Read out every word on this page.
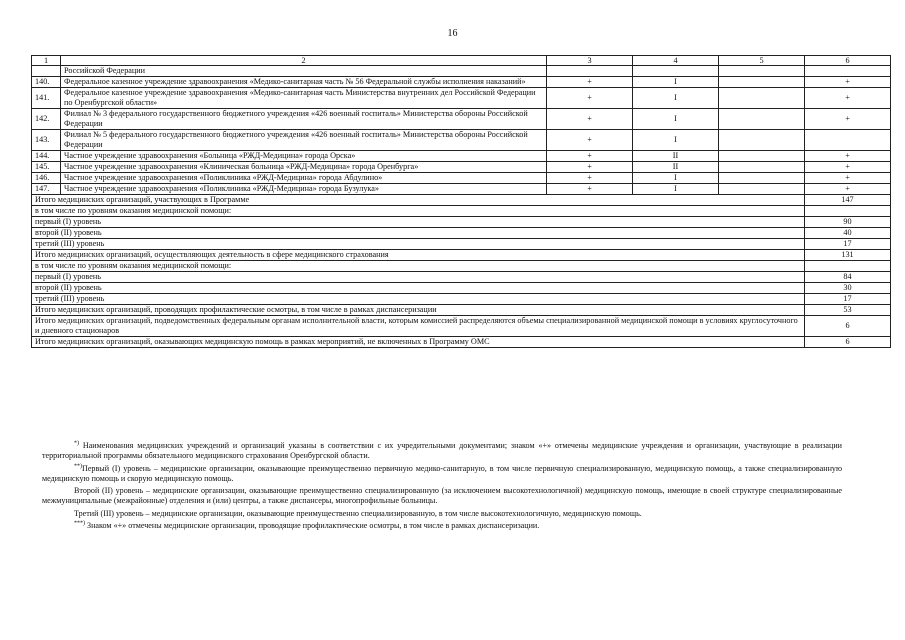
16
1	2	3	4	5	6
	Российской Федерации				
140.	Федеральное казенное учреждение здравоохранения «Медико-санитарная часть № 56 Федеральной службы исполнения наказаний»	+	I		+
141.	Федеральное казенное учреждение здравоохранения «Медико-санитарная часть Министерства внутренних дел Российской Федерации по Оренбургской области»	+	I		+
142.	Филиал № 3 федерального государственного бюджетного учреждения «426 военный госпиталь» Министерства обороны Российской Федерации	+	I		+
143.	Филиал № 5 федерального государственного бюджетного учреждения «426 военный госпиталь» Министерства обороны Российской Федерации	+	I		
144.	Частное учреждение здравоохранения «Больница «РЖД-Медицина» города Орска»	+	II		+
145.	Частное учреждение здравоохранения «Клиническая больница «РЖД-Медицина» города Оренбурга»	+	II		+
146.	Частное учреждение здравоохранения «Поликлиника «РЖД-Медицина» города Абдулино»	+	I		+
147.	Частное учреждение здравоохранения «Поликлиника «РЖД-Медицина» города Бузулука»	+	I		+
Итого медицинских организаций, участвующих в Программе					147
в том числе по уровням оказания медицинской помощи:					
первый (I) уровень					90
второй (II) уровень					40
третий (III) уровень					17
Итого медицинских организаций, осуществляющих деятельность в сфере медицинского страхования					131
в том числе по уровням оказания медицинской помощи:					
первый (I) уровень					84
второй (II) уровень					30
третий (III) уровень					17
Итого медицинских организаций, проводящих профилактические осмотры, в том числе в рамках диспансеризации					53
Итого медицинских организаций, подведомственных федеральным органам исполнительной власти, которым комиссией распределяются объемы специализированной медицинской помощи в условиях круглосуточного и дневного стационаров					6
Итого медицинских организаций, оказывающих медицинскую помощь в рамках мероприятий, не включенных в Программу ОМС					6

*) Наименования медицинских учреждений и организаций указаны в соответствии с их учредительными документами; знаком «+» отмечены медицинские учреждения и организации, участвующие в реализации территориальной программы обязательного медицинского страхования Оренбургской области.

**)Первый (I) уровень – медицинские организации, оказывающие преимущественно первичную медико-санитарную, в том числе первичную специализированную, медицинскую помощь, а также специализированную медицинскую помощь и скорую медицинскую помощь.

Второй (II) уровень – медицинские организации, оказывающие преимущественно специализированную (за исключением высокотехнологичной) медицинскую помощь, имеющие в своей структуре специализированные межмуниципальные (межрайонные) отделения и (или) центры, а также диспансеры, многопрофильные больницы.

Третий (III) уровень – медицинские организации, оказывающие преимущественно специализированную, в том числе высокотехнологичную, медицинскую помощь.

***) Знаком «+» отмечены медицинские организации, проводящие профилактические осмотры, в том числе в рамках диспансеризации.
